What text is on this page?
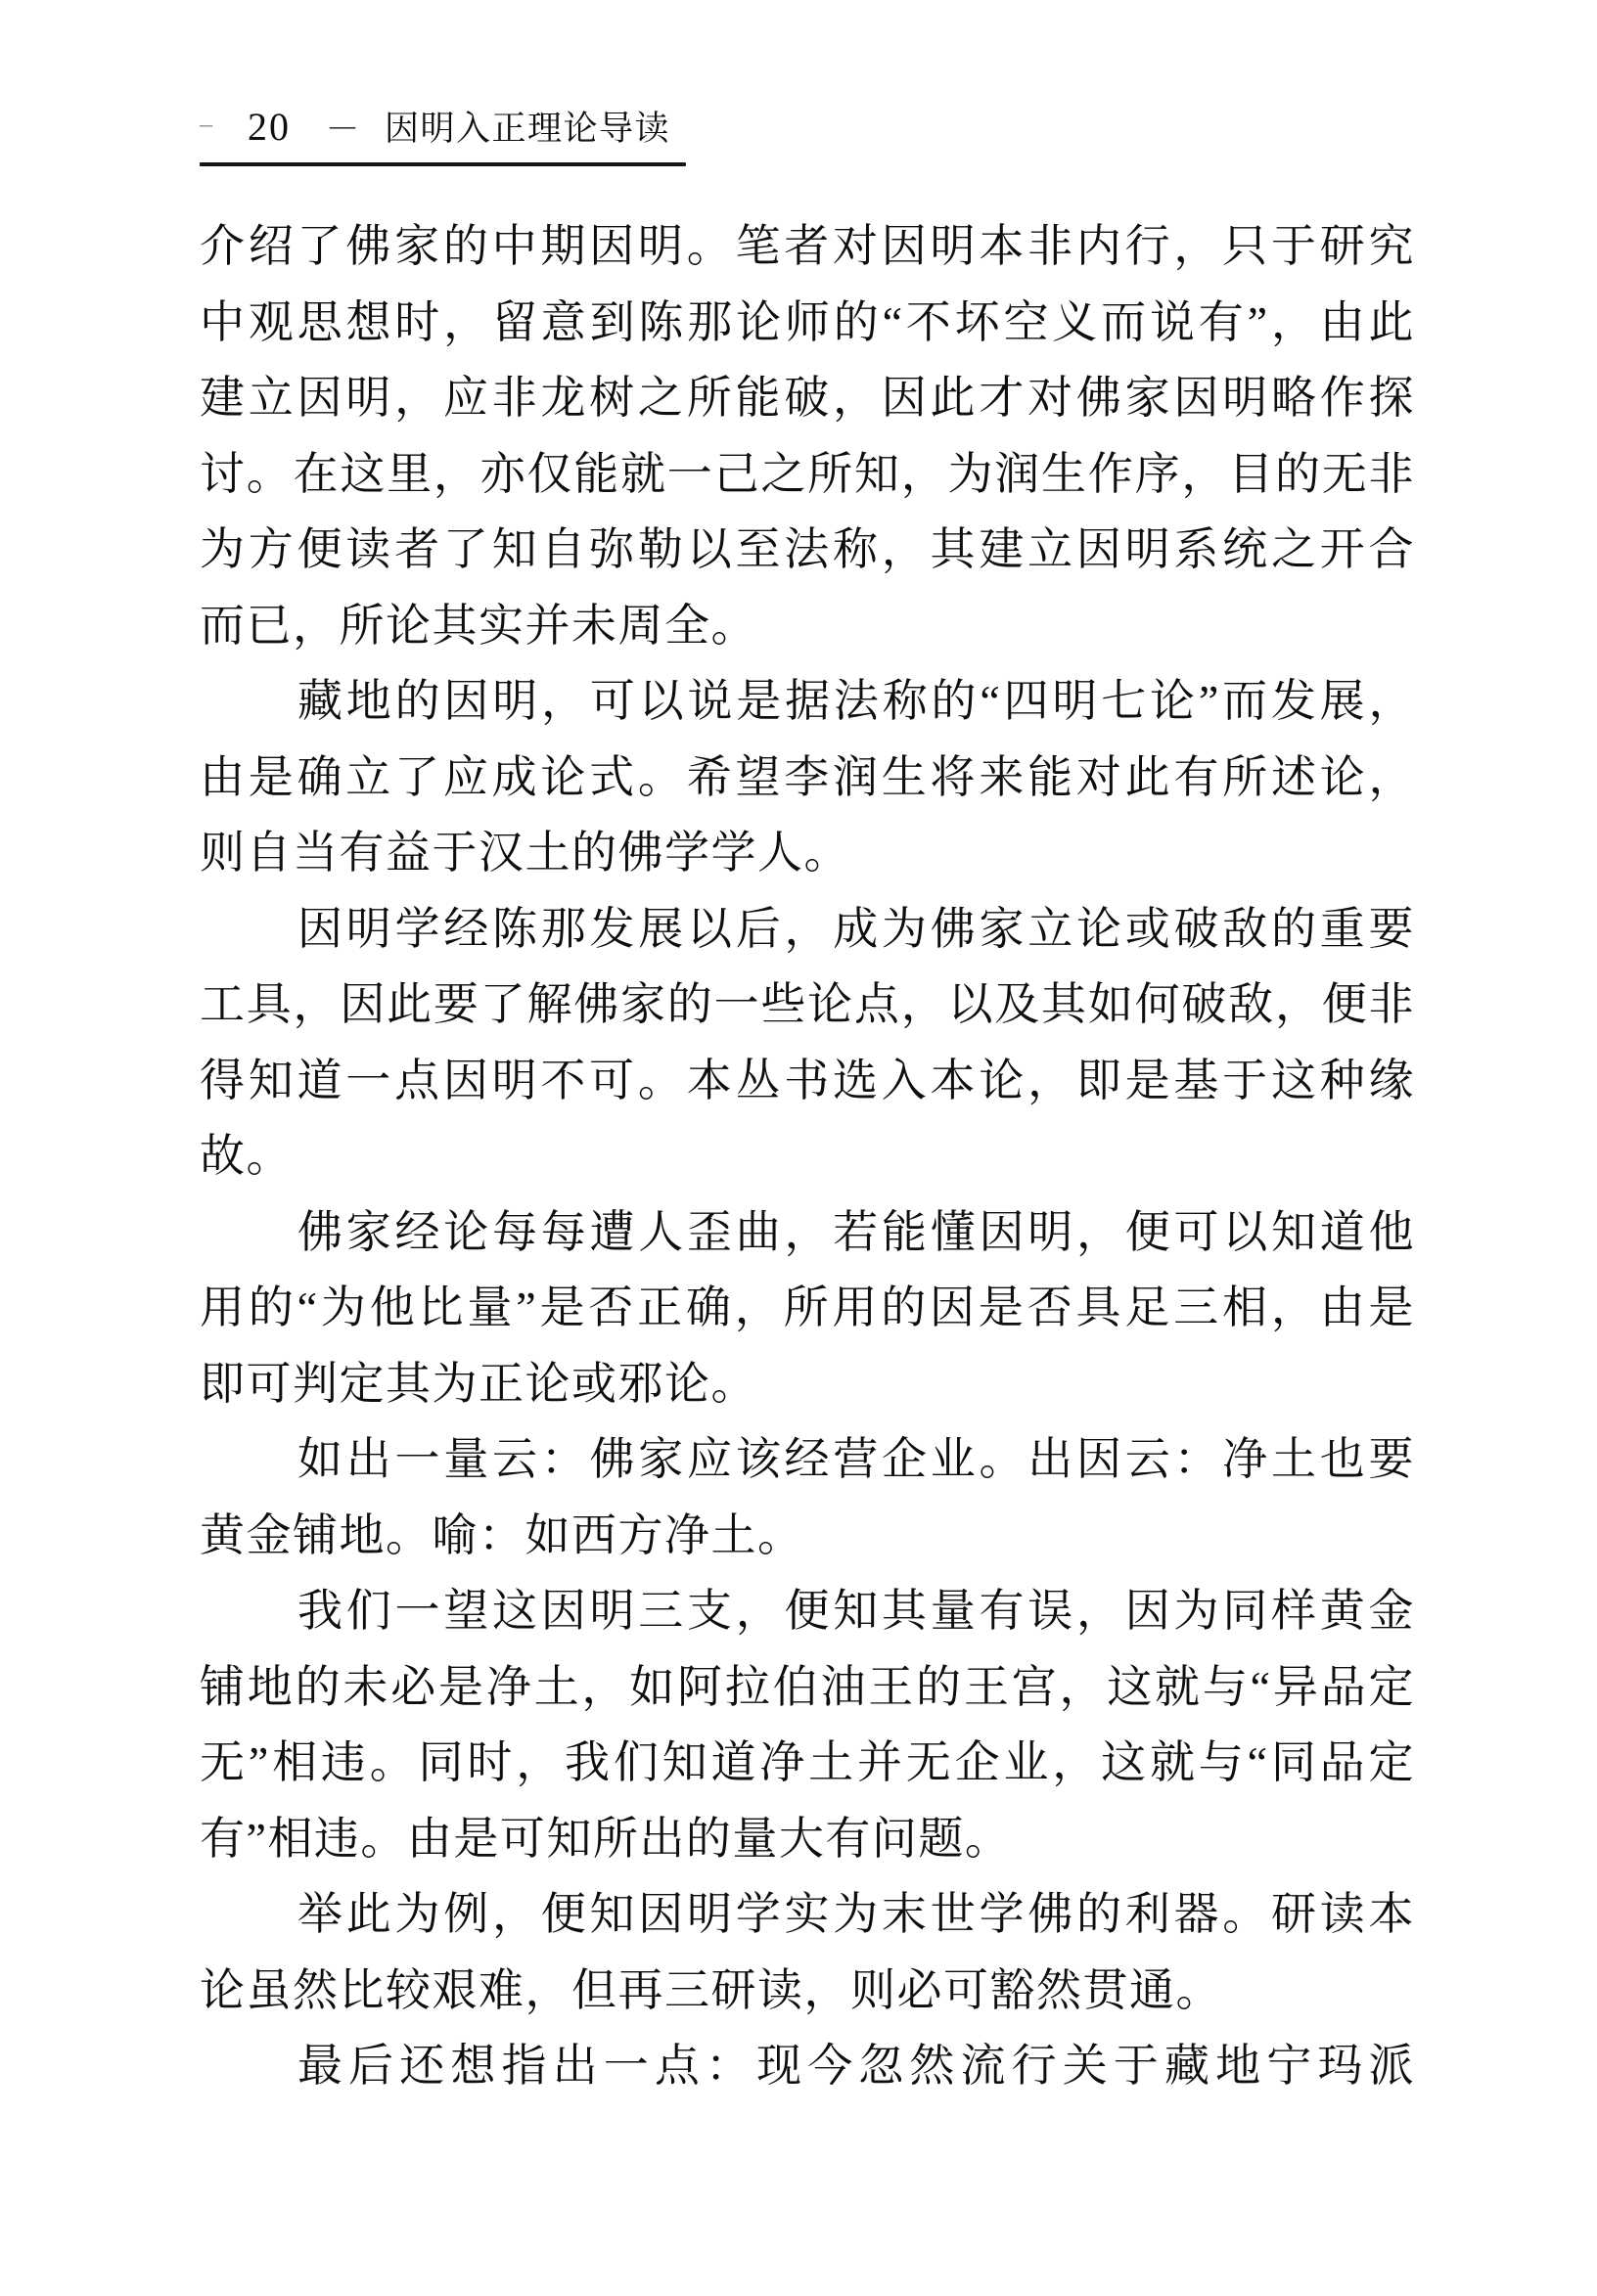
– 20 — 因明入正理论导读
介绍了佛家的中期因明。笔者对因明本非内行，只于研究
中观思想时，留意到陈那论师的“不坏空义而说有”，由此
建立因明，应非龙树之所能破，因此才对佛家因明略作探
讨。在这里，亦仅能就一己之所知，为润生作序，目的无非
为方便读者了知自弥勒以至法称，其建立因明系统之开合
而已，所论其实并未周全。
藏地的因明，可以说是据法称的“四明七论”而发展，
由是确立了应成论式。希望李润生将来能对此有所述论，
则自当有益于汉土的佛学学人。
因明学经陈那发展以后，成为佛家立论或破敌的重要
工具，因此要了解佛家的一些论点，以及其如何破敌，便非
得知道一点因明不可。本丛书选入本论，即是基于这种缘
故。
佛家经论每每遭人歪曲，若能懂因明，便可以知道他
用的“为他比量”是否正确，所用的因是否具足三相，由是
即可判定其为正论或邪论。
如出一量云：佛家应该经营企业。出因云：净土也要
黄金铺地。喻：如西方净土。
我们一望这因明三支，便知其量有误，因为同样黄金
铺地的未必是净土，如阿拉伯油王的王宫，这就与“异品定
无”相违。同时，我们知道净土并无企业，这就与“同品定
有”相违。由是可知所出的量大有问题。
举此为例，便知因明学实为末世学佛的利器。研读本
论虽然比较艰难，但再三研读，则必可豁然贯通。
最后还想指出一点：现今忽然流行关于藏地宁玛派
